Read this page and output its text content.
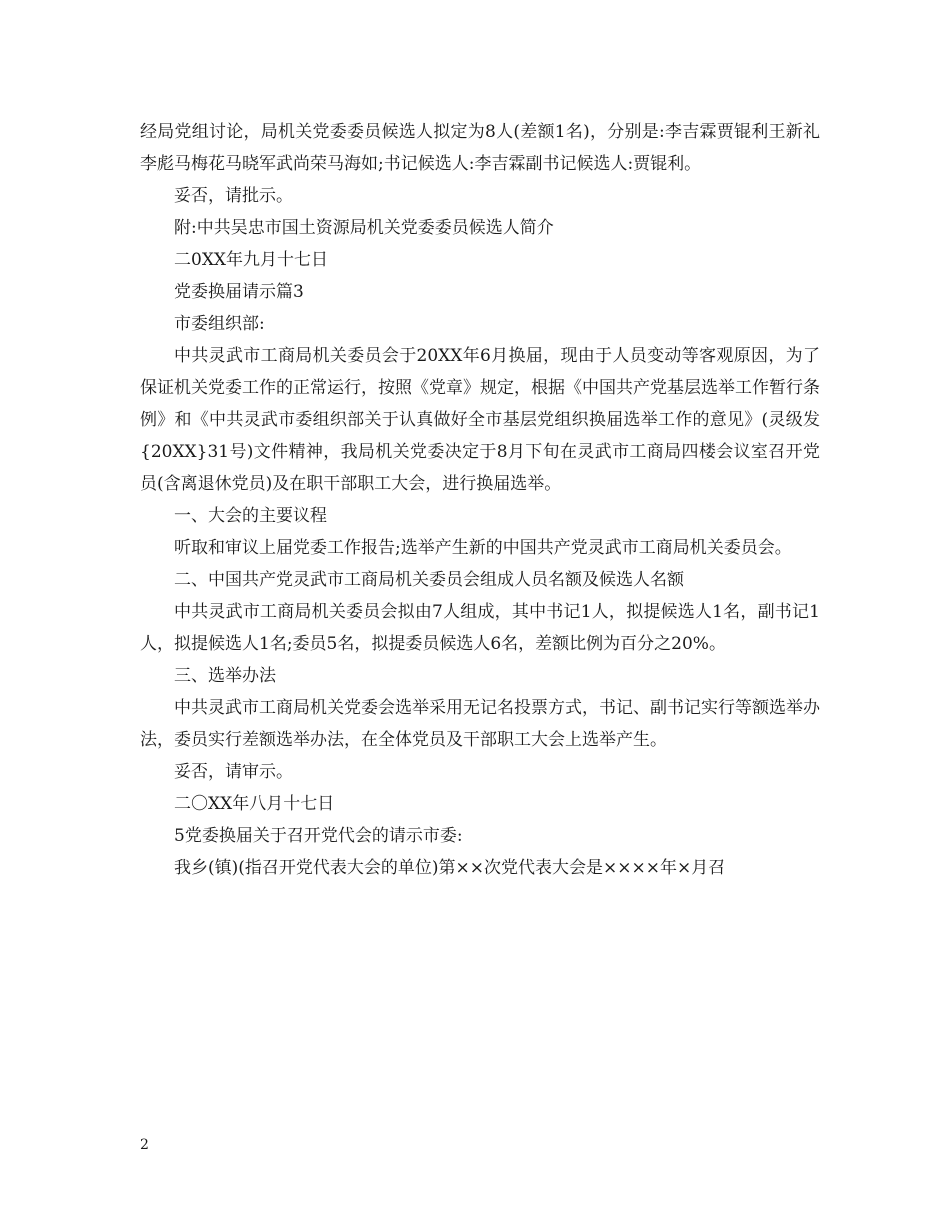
经局党组讨论，局机关党委委员候选人拟定为8人(差额1名)，分别是:李吉霖贾锟利王新礼李彪马梅花马晓军武尚荣马海如;书记候选人:李吉霖副书记候选人:贾锟利。

妥否，请批示。

附:中共吴忠市国土资源局机关党委委员候选人简介

二0XX年九月十七日

党委换届请示篇3

市委组织部:

中共灵武市工商局机关委员会于20XX年6月换届，现由于人员变动等客观原因，为了保证机关党委工作的正常运行，按照《党章》规定，根据《中国共产党基层选举工作暂行条例》和《中共灵武市委组织部关于认真做好全市基层党组织换届选举工作的意见》(灵级发{20XX}31号)文件精神，我局机关党委决定于8月下旬在灵武市工商局四楼会议室召开党员(含离退休党员)及在职干部职工大会，进行换届选举。

一、大会的主要议程

听取和审议上届党委工作报告;选举产生新的中国共产党灵武市工商局机关委员会。

二、中国共产党灵武市工商局机关委员会组成人员名额及候选人名额

中共灵武市工商局机关委员会拟由7人组成，其中书记1人，拟提候选人1名，副书记1人，拟提候选人1名;委员5名，拟提委员候选人6名，差额比例为百分之20%。

三、选举办法

中共灵武市工商局机关党委会选举采用无记名投票方式，书记、副书记实行等额选举办法，委员实行差额选举办法，在全体党员及干部职工大会上选举产生。

妥否，请审示。

二〇XX年八月十七日

5党委换届关于召开党代会的请示市委:

我乡(镇)(指召开党代表大会的单位)第××次党代表大会是××××年×月召

2
